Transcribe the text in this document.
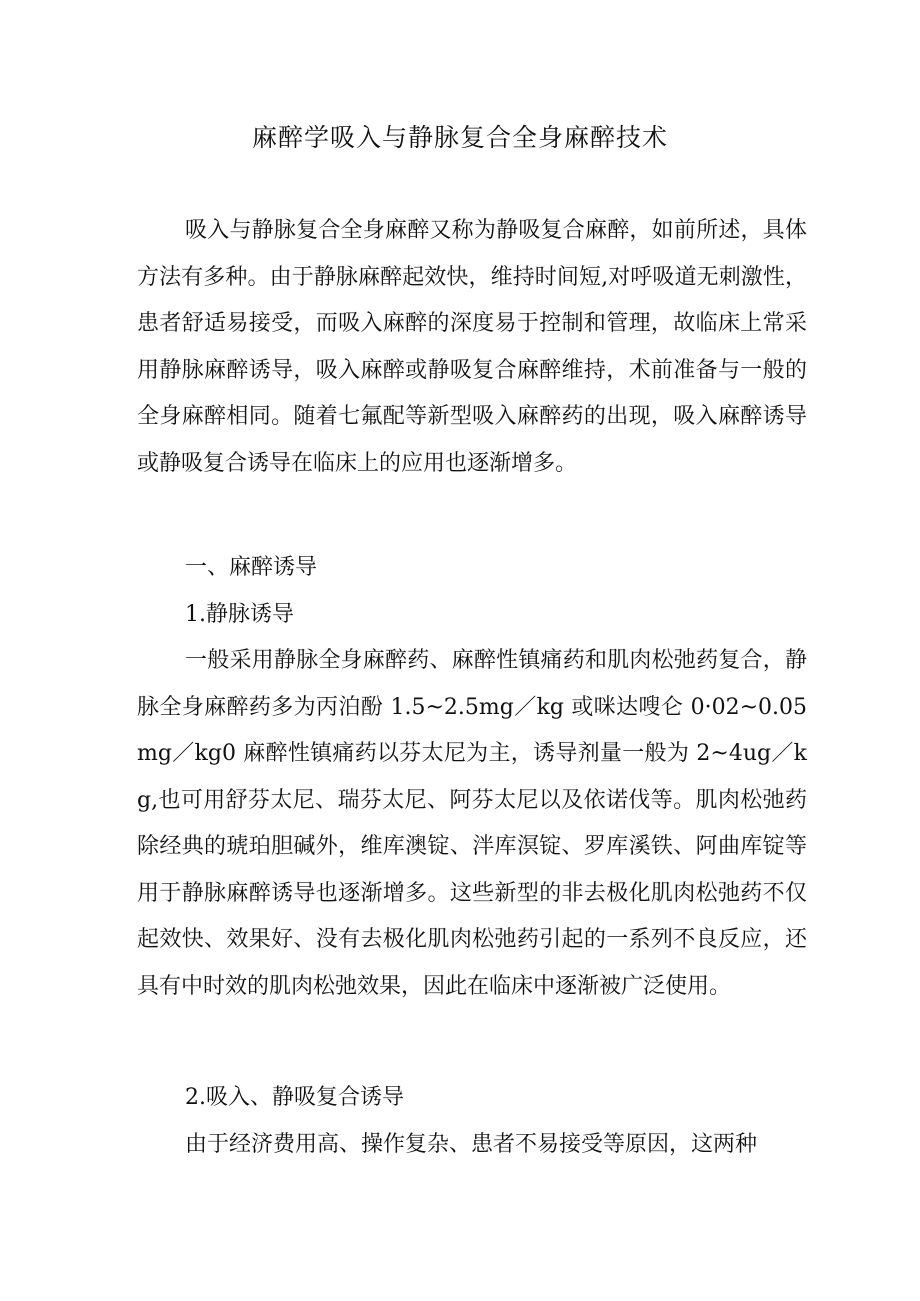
麻醉学吸入与静脉复合全身麻醉技术

吸入与静脉复合全身麻醉又称为静吸复合麻醉，如前所述，具体方法有多种。由于静脉麻醉起效快，维持时间短,对呼吸道无刺激性，患者舒适易接受，而吸入麻醉的深度易于控制和管理，故临床上常采用静脉麻醉诱导，吸入麻醉或静吸复合麻醉维持，术前准备与一般的全身麻醉相同。随着七氟配等新型吸入麻醉药的出现，吸入麻醉诱导或静吸复合诱导在临床上的应用也逐渐增多。

一、麻醉诱导

1.静脉诱导

一般采用静脉全身麻醉药、麻醉性镇痛药和肌肉松弛药复合，静脉全身麻醉药多为丙泊酚 1.5~2.5mg／kg 或咪达嗖仑 0·02~0.05mg／kg0 麻醉性镇痛药以芬太尼为主，诱导剂量一般为 2~4ug／kg,也可用舒芬太尼、瑞芬太尼、阿芬太尼以及依诺伐等。肌肉松弛药除经典的琥珀胆碱外，维库澳锭、泮库溟锭、罗库溪铁、阿曲库锭等用于静脉麻醉诱导也逐渐增多。这些新型的非去极化肌肉松弛药不仅起效快、效果好、没有去极化肌肉松弛药引起的一系列不良反应，还具有中时效的肌肉松弛效果，因此在临床中逐渐被广泛使用。

2.吸入、静吸复合诱导

由于经济费用高、操作复杂、患者不易接受等原因，这两种
